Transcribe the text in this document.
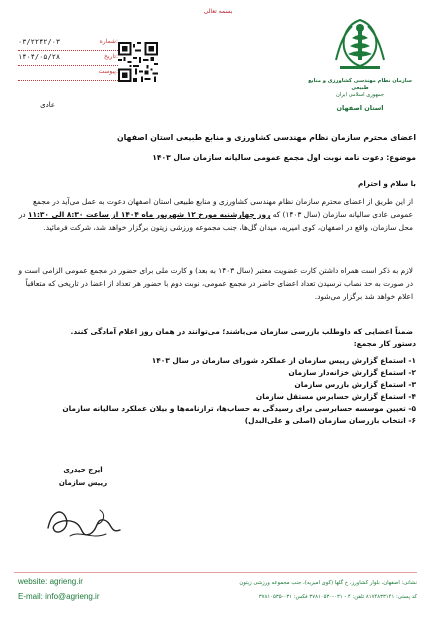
بسمه تعالی
سازمان نظام مهندسی کشاورزی و منابع طبیعی
جمهوری اسلامی ایران
استان اصفهان
۰۳/۲۲۴۲/۰۳	شماره:
۱۴۰۴/۰۵/۲۸	تاریخ:
پیوست:
عادی
اعضای محترم سازمان نظام مهندسی کشاورزی و منابع طبیعی استان اصفهان
موضوع: دعوت نامه نوبت اول مجمع عمومی سالیانه سازمان سال ۱۴۰۳
با سلام و احترام
از این طریق از اعضای محترم سازمان نظام مهندسی کشاورزی و منابع طبیعی استان اصفهان دعوت به عمل می‌آید در مجمع عمومی عادی سالیانه سازمان (سال ۱۴۰۳) که روز چهارشنبه مورخ ۱۲ شهریور ماه ۱۴۰۴ از ساعت ۸:۳۰ الی ۱۱:۳۰ در محل سازمان، واقع در اصفهان، کوی امیریه، میدان گل‌ها، جنب مجموعه ورزشی زیتون برگزار خواهد شد، شرکت فرمائید.
لازم به ذکر است همراه داشتن کارت عضویت معتبر (سال ۱۴۰۳ به بعد) و کارت ملی برای حضور در مجمع عمومی الزامی است و در صورت به حد نصاب نرسیدن تعداد اعضای حاضر در مجمع عمومی، نوبت دوم با حضور هر تعداد از اعضا در تاریخی که متعاقباً اعلام خواهد شد برگزار می‌شود.
ضمناً اعضایی که داوطلب بازرسی سازمان می‌باشند؛ می‌توانند در همان روز اعلام آمادگی کنند.
دستور کار مجمع:
۱- استماع گزارش رییس سازمان از عملکرد شورای سازمان در سال ۱۴۰۳
۲- استماع گزارش خزانه‌دار سازمان
۳- استماع گزارش بازرس سازمان
۴- استماع گزارش حسابرس مستقل سازمان
۵- تعیین موسسه حسابرسی برای رسیدگی به حساب‌ها، ترازنامه‌ها و بیلان عملکرد سالیانه سازمان
۶- انتخاب بازرسان سازمان (اصلی و علی‌البدل)
ایرج حیدری
رییس سازمان
website: agrieng.ir
E-mail: info@agrieng.ir
نشانی: اصفهان، بلوار کشاورز، خ گلها (کوی امیریه)، جنب مجموعه ورزشی زیتون
کد پستی: ۸۱۷۴۸۳۳۱۴۱ تلفن: ۴ - ۰۳۱-۳۷۸۱۰۵۳۰ فکس: ۰۳۱-۳۷۸۱۰۵۳۵
